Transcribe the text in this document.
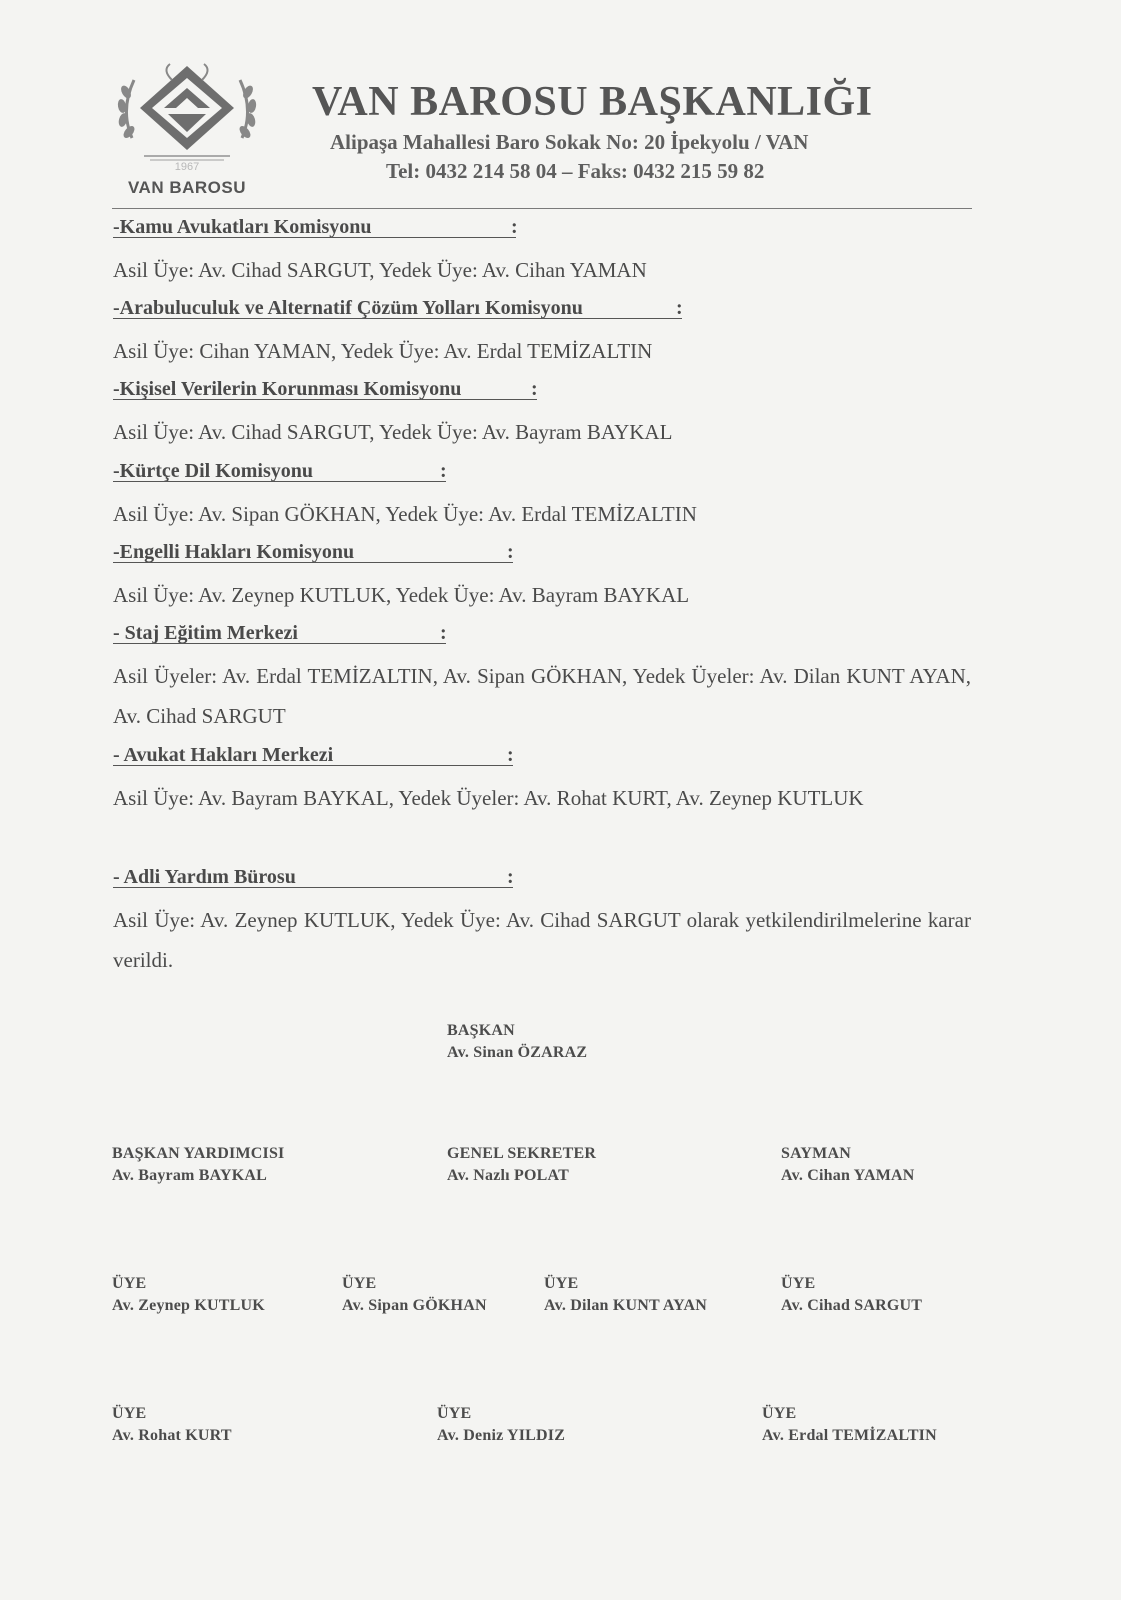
1967
VAN BAROSU
VAN BAROSU BAŞKANLIĞI
Alipaşa Mahallesi Baro Sokak No: 20 İpekyolu / VAN
Tel: 0432 214 58 04 – Faks: 0432 215 59 82
-Kamu Avukatları Komisyonu	:
Asil Üye: Av. Cihad SARGUT, Yedek Üye: Av. Cihan YAMAN
-Arabuluculuk ve Alternatif Çözüm Yolları Komisyonu	:
Asil Üye: Cihan YAMAN, Yedek Üye: Av. Erdal TEMİZALTIN
-Kişisel Verilerin Korunması Komisyonu	:
Asil Üye: Av. Cihad SARGUT, Yedek Üye: Av. Bayram BAYKAL
-Kürtçe Dil Komisyonu	:
Asil Üye: Av. Sipan GÖKHAN, Yedek Üye: Av. Erdal TEMİZALTIN
-Engelli Hakları Komisyonu	:
Asil Üye: Av. Zeynep KUTLUK, Yedek Üye: Av. Bayram BAYKAL
- Staj Eğitim Merkezi	:
Asil Üyeler: Av. Erdal TEMİZALTIN, Av. Sipan GÖKHAN, Yedek Üyeler: Av. Dilan KUNT AYAN, Av. Cihad SARGUT
- Avukat Hakları Merkezi	:
Asil Üye: Av. Bayram BAYKAL, Yedek Üyeler: Av. Rohat KURT, Av. Zeynep KUTLUK
- Adli Yardım Bürosu	:
Asil Üye: Av. Zeynep KUTLUK, Yedek Üye: Av. Cihad SARGUT olarak yetkilendirilmelerine karar verildi.
BAŞKAN
Av. Sinan ÖZARAZ
BAŞKAN YARDIMCISI
Av. Bayram BAYKAL
GENEL SEKRETER
Av. Nazlı POLAT
SAYMAN
Av. Cihan YAMAN
ÜYE
Av. Zeynep KUTLUK
ÜYE
Av. Sipan GÖKHAN
ÜYE
Av. Dilan KUNT AYAN
ÜYE
Av. Cihad SARGUT
ÜYE
Av. Rohat KURT
ÜYE
Av. Deniz YILDIZ
ÜYE
Av. Erdal TEMİZALTIN
